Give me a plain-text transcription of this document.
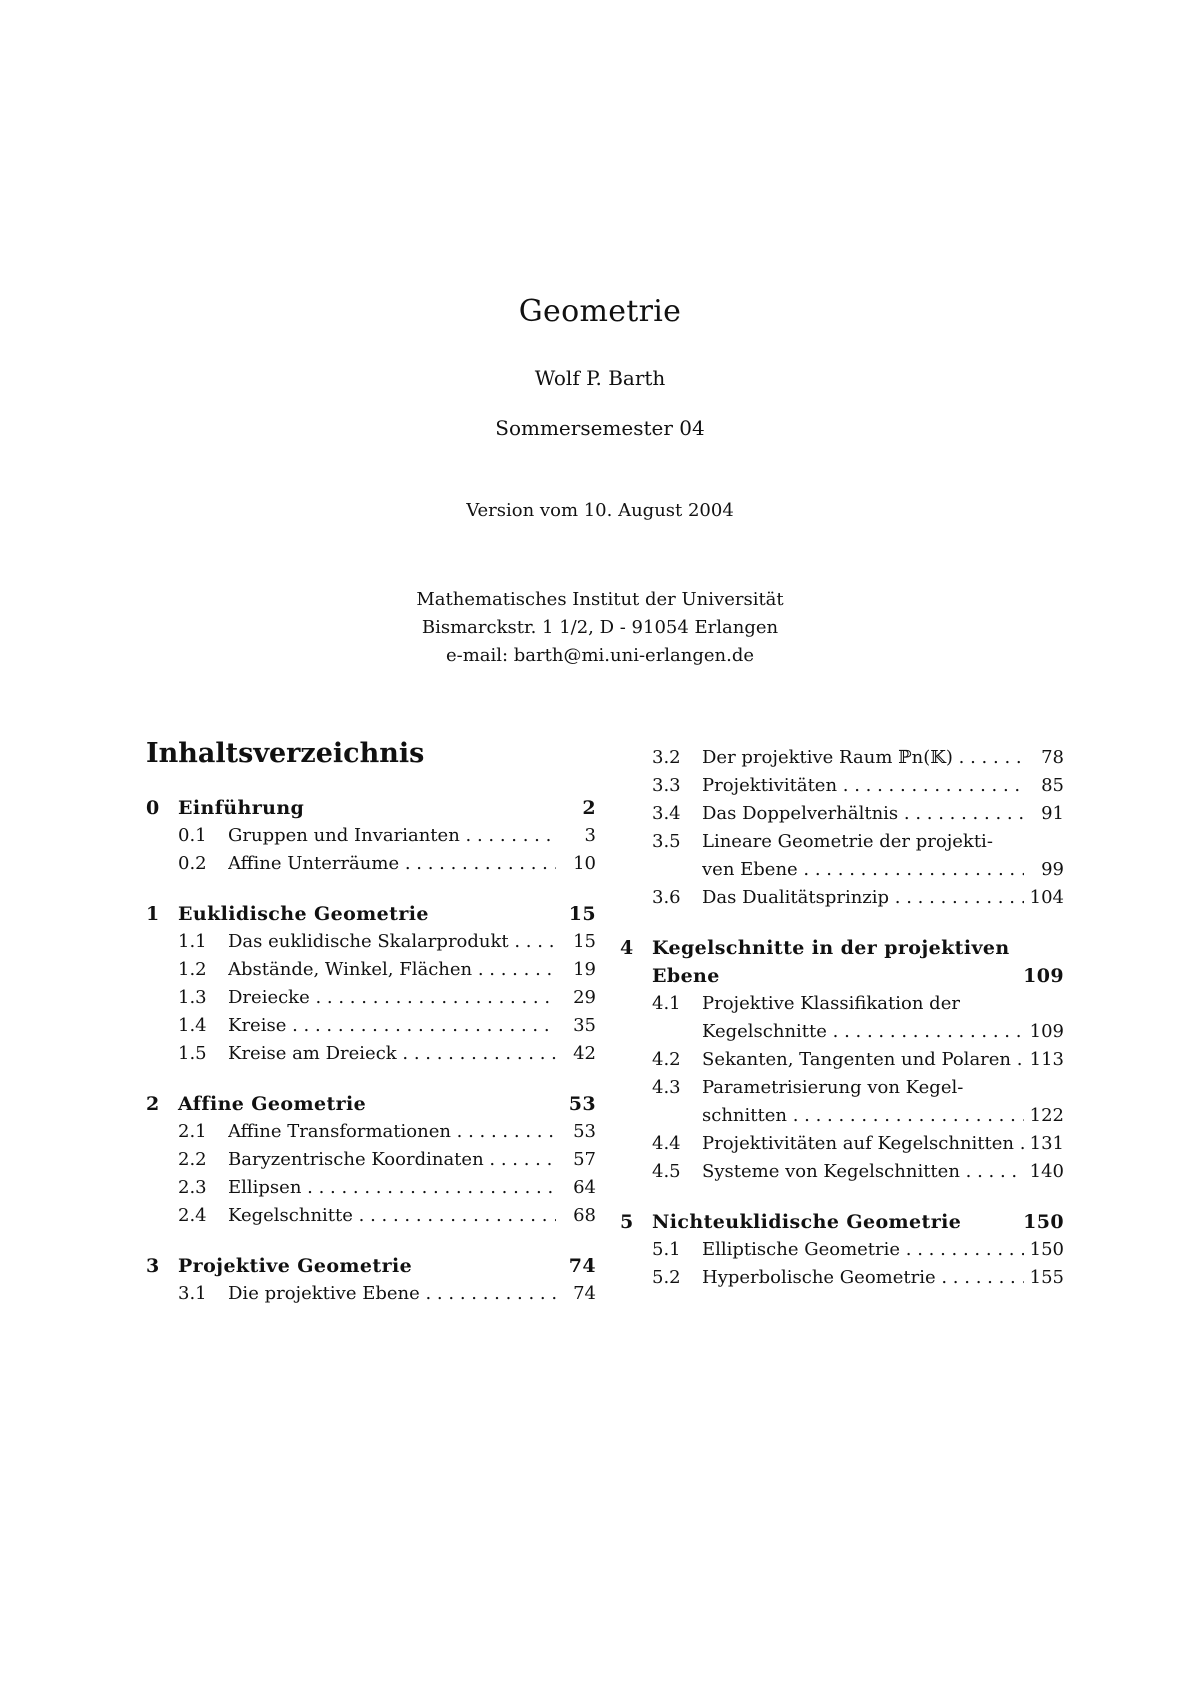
Geometrie
Wolf P. Barth
Sommersemester 04
Version vom 10. August 2004
Mathematisches Institut der Universität
Bismarckstr. 1 1/2, D - 91054 Erlangen
e-mail: barth@mi.uni-erlangen.de
Inhaltsverzeichnis
0 Einführung	2
0.1	Gruppen und Invarianten . . .	3
0.2	Affine Unterräume . . .	10
1 Euklidische Geometrie	15
1.1	Das euklidische Skalarprodukt . . .	15
1.2	Abstände, Winkel, Flächen . . .	19
1.3	Dreiecke . . .	29
1.4	Kreise . . .	35
1.5	Kreise am Dreieck . . .	42
2 Affine Geometrie	53
2.1	Affine Transformationen . . .	53
2.2	Baryzentrische Koordinaten . . .	57
2.3	Ellipsen . . .	64
2.4	Kegelschnitte . . .	68
3 Projektive Geometrie	74
3.1	Die projektive Ebene . . .	74
3.2	Der projektive Raum ℙn(𝕂) . . .	78
3.3	Projektivitäten . . .	85
3.4	Das Doppelverhältnis . . .	91
3.5	Lineare Geometrie der projekti-
ven Ebene . . .	99
3.6	Das Dualitätsprinzip . . .	104
4 Kegelschnitte in der projektiven
Ebene	109
4.1	Projektive Klassifikation der
Kegelschnitte . . .	109
4.2	Sekanten, Tangenten und Polaren . . .	113
4.3	Parametrisierung von Kegel-
schnitten . . .	122
4.4	Projektivitäten auf Kegelschnitten . . . 131
4.5	Systeme von Kegelschnitten . . .	140
5 Nichteuklidische Geometrie	150
5.1	Elliptische Geometrie . . .	150
5.2	Hyperbolische Geometrie . . .	155
